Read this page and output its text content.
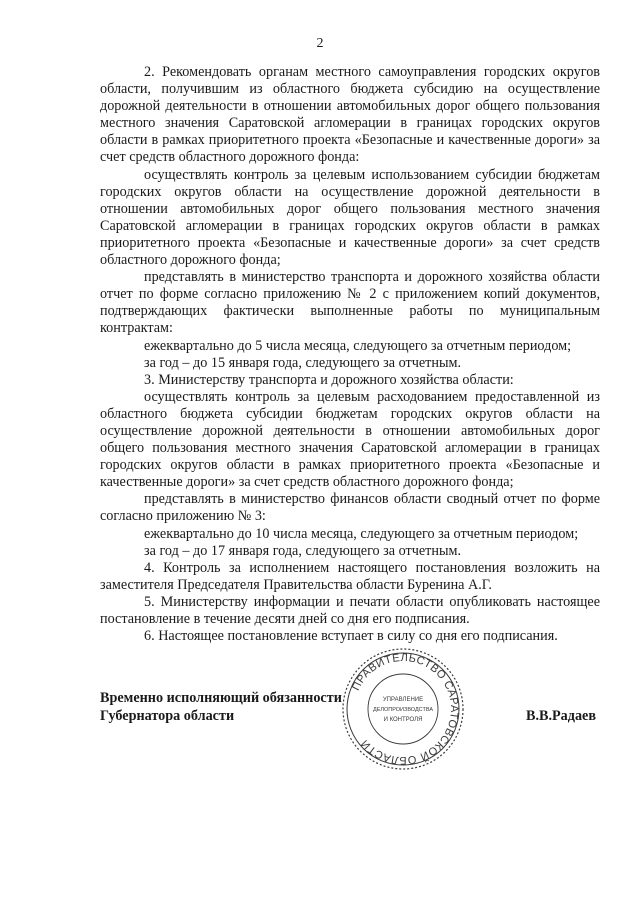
2

2. Рекомендовать органам местного самоуправления городских округов области, получившим из областного бюджета субсидию на осуществление дорожной деятельности в отношении автомобильных дорог общего пользования местного значения Саратовской агломерации в границах городских округов области в рамках приоритетного проекта «Безопасные и качественные дороги» за счет средств областного дорожного фонда:

осуществлять контроль за целевым использованием субсидии бюджетам городских округов области на осуществление дорожной деятельности в отношении автомобильных дорог общего пользования местного значения Саратовской агломерации в границах городских округов области в рамках приоритетного проекта «Безопасные и качественные дороги» за счет средств областного дорожного фонда;

представлять в министерство транспорта и дорожного хозяйства области отчет по форме согласно приложению № 2 с приложением копий документов, подтверждающих фактически выполненные работы по муниципальным контрактам:

ежеквартально до 5 числа месяца, следующего за отчетным периодом;

за год – до 15 января года, следующего за отчетным.

3. Министерству транспорта и дорожного хозяйства области:

осуществлять контроль за целевым расходованием предоставленной из областного бюджета субсидии бюджетам городских округов области на осуществление дорожной деятельности в отношении автомобильных дорог общего пользования местного значения Саратовской агломерации в границах городских округов области в рамках приоритетного проекта «Безопасные и качественные дороги» за счет средств областного дорожного фонда;

представлять в министерство финансов области сводный отчет по форме согласно приложению № 3:

ежеквартально до 10 числа месяца, следующего за отчетным периодом;

за год – до 17 января года, следующего за отчетным.

4. Контроль за исполнением настоящего постановления возложить на заместителя Председателя Правительства области Буренина А.Г.

5. Министерству информации и печати области опубликовать настоящее постановление в течение десяти дней со дня его подписания.

6. Настоящее постановление вступает в силу со дня его подписания.

ПРАВИТЕЛЬСТВО САРАТОВСКОЙ ОБЛАСТИ
УПРАВЛЕНИЕ
ДЕЛОПРОИЗВОДСТВА
И КОНТРОЛЯ
Временно исполняющий обязанности
Губернатора области	В.В.Радаев
